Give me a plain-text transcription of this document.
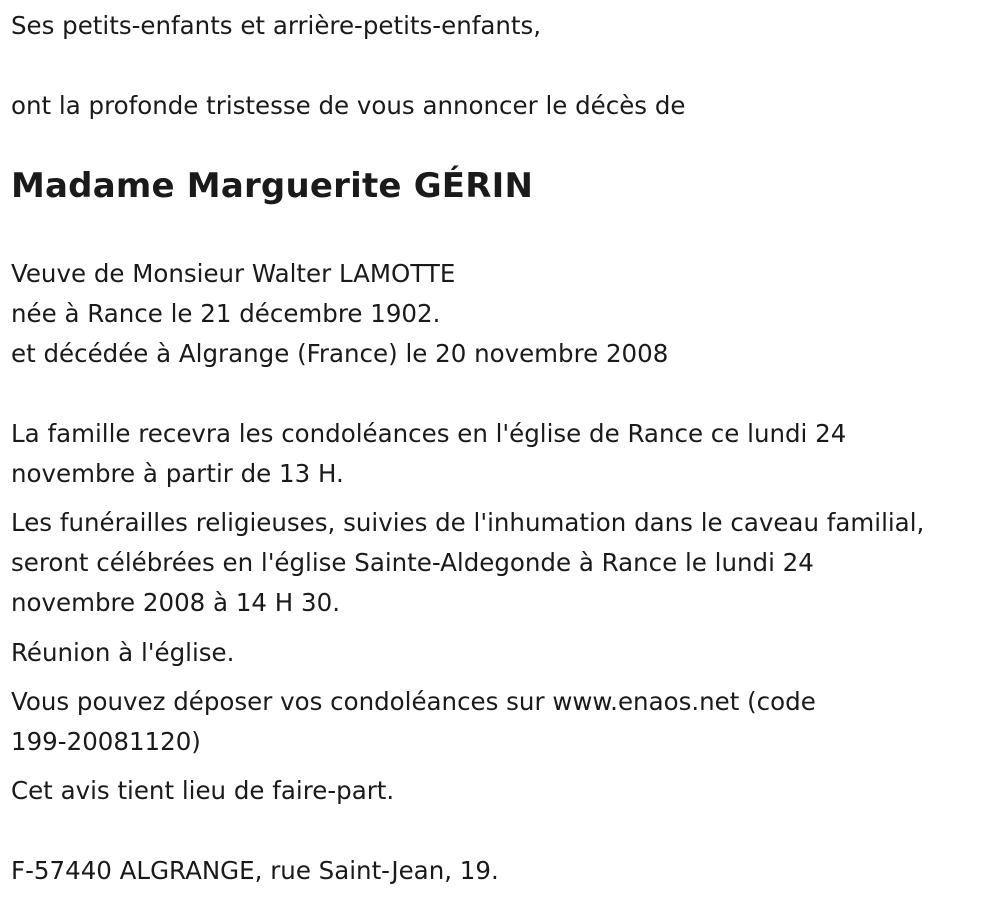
Ses petits-enfants et arrière-petits-enfants,

ont la profonde tristesse de vous annoncer le décès de

Madame Marguerite GÉRIN

Veuve de Monsieur Walter LAMOTTE

née à Rance le 21 décembre 1902.

et décédée à Algrange (France) le 20 novembre 2008

La famille recevra les condoléances en l'église de Rance ce lundi 24

novembre à partir de 13 H.

Les funérailles religieuses, suivies de l'inhumation dans le caveau familial,

seront célébrées en l'église Sainte-Aldegonde à Rance le lundi 24

novembre 2008 à 14 H 30.

Réunion à l'église.

Vous pouvez déposer vos condoléances sur www.enaos.net (code

199-20081120)

Cet avis tient lieu de faire-part.

F-57440 ALGRANGE, rue Saint-Jean, 19.
